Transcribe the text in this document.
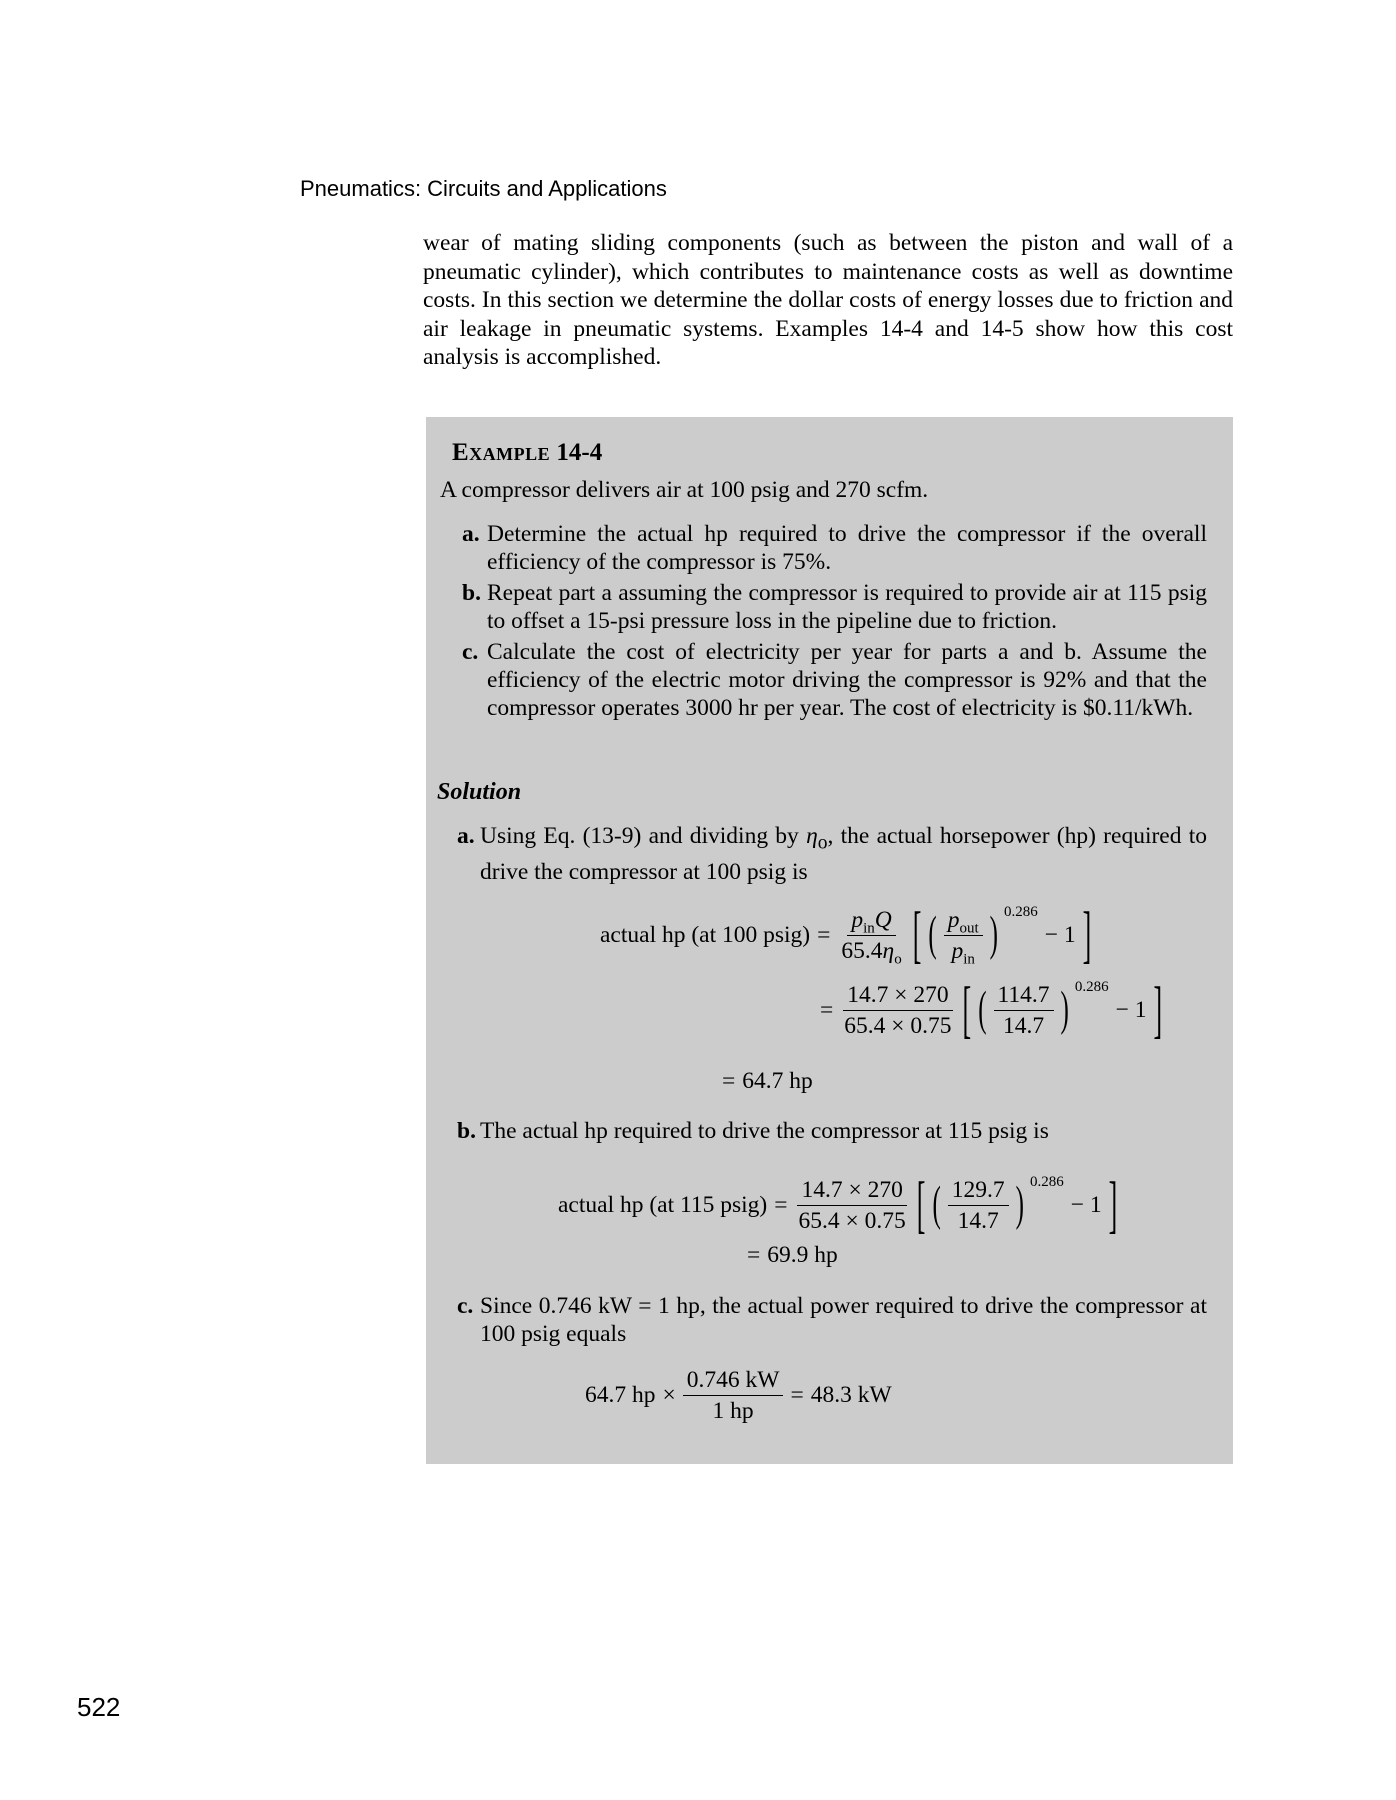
Pneumatics: Circuits and Applications
wear of mating sliding components (such as between the piston and wall of a pneumatic cylinder), which contributes to maintenance costs as well as downtime costs. In this section we determine the dollar costs of energy losses due to friction and air leakage in pneumatic systems. Examples 14-4 and 14-5 show how this cost analysis is accomplished.
Example 14-4

A compressor delivers air at 100 psig and 270 scfm.

a. Determine the actual hp required to drive the compressor if the overall efficiency of the compressor is 75%.
b. Repeat part a assuming the compressor is required to provide air at 115 psig to offset a 15-psi pressure loss in the pipeline due to friction.
c. Calculate the cost of electricity per year for parts a and b. Assume the efficiency of the electric motor driving the compressor is 92% and that the compressor operates 3000 hr per year. The cost of electricity is $0.11/kWh.
Solution
a. Using Eq. (13-9) and dividing by $\eta_o$, the actual horsepower (hp) required to drive the compressor at 100 psig is
actual hp (at 100 psig) = $\frac{p_{in}Q}{65.4\eta_o}$ [ ( $\frac{p_{out}}{p_{in}}$ ) 0.286
− 1 ]
= $\frac{14.7 \times 270}{65.4 \times 0.75}$ [ ( $\frac{114.7}{14.7}$ ) 0.286
− 1 ]
= 64.7 hp
b. The actual hp required to drive the compressor at 115 psig is
actual hp (at 115 psig) = $\frac{14.7 \times 270}{65.4 \times 0.75}$ [ ( $\frac{129.7}{14.7}$ ) 0.286
− 1 ]
= 69.9 hp
c. Since 0.746 kW = 1 hp, the actual power required to drive the compressor at 100 psig equals
64.7 hp × $\frac{0.746 kW}{1 hp} = 48.3$ kW
522
